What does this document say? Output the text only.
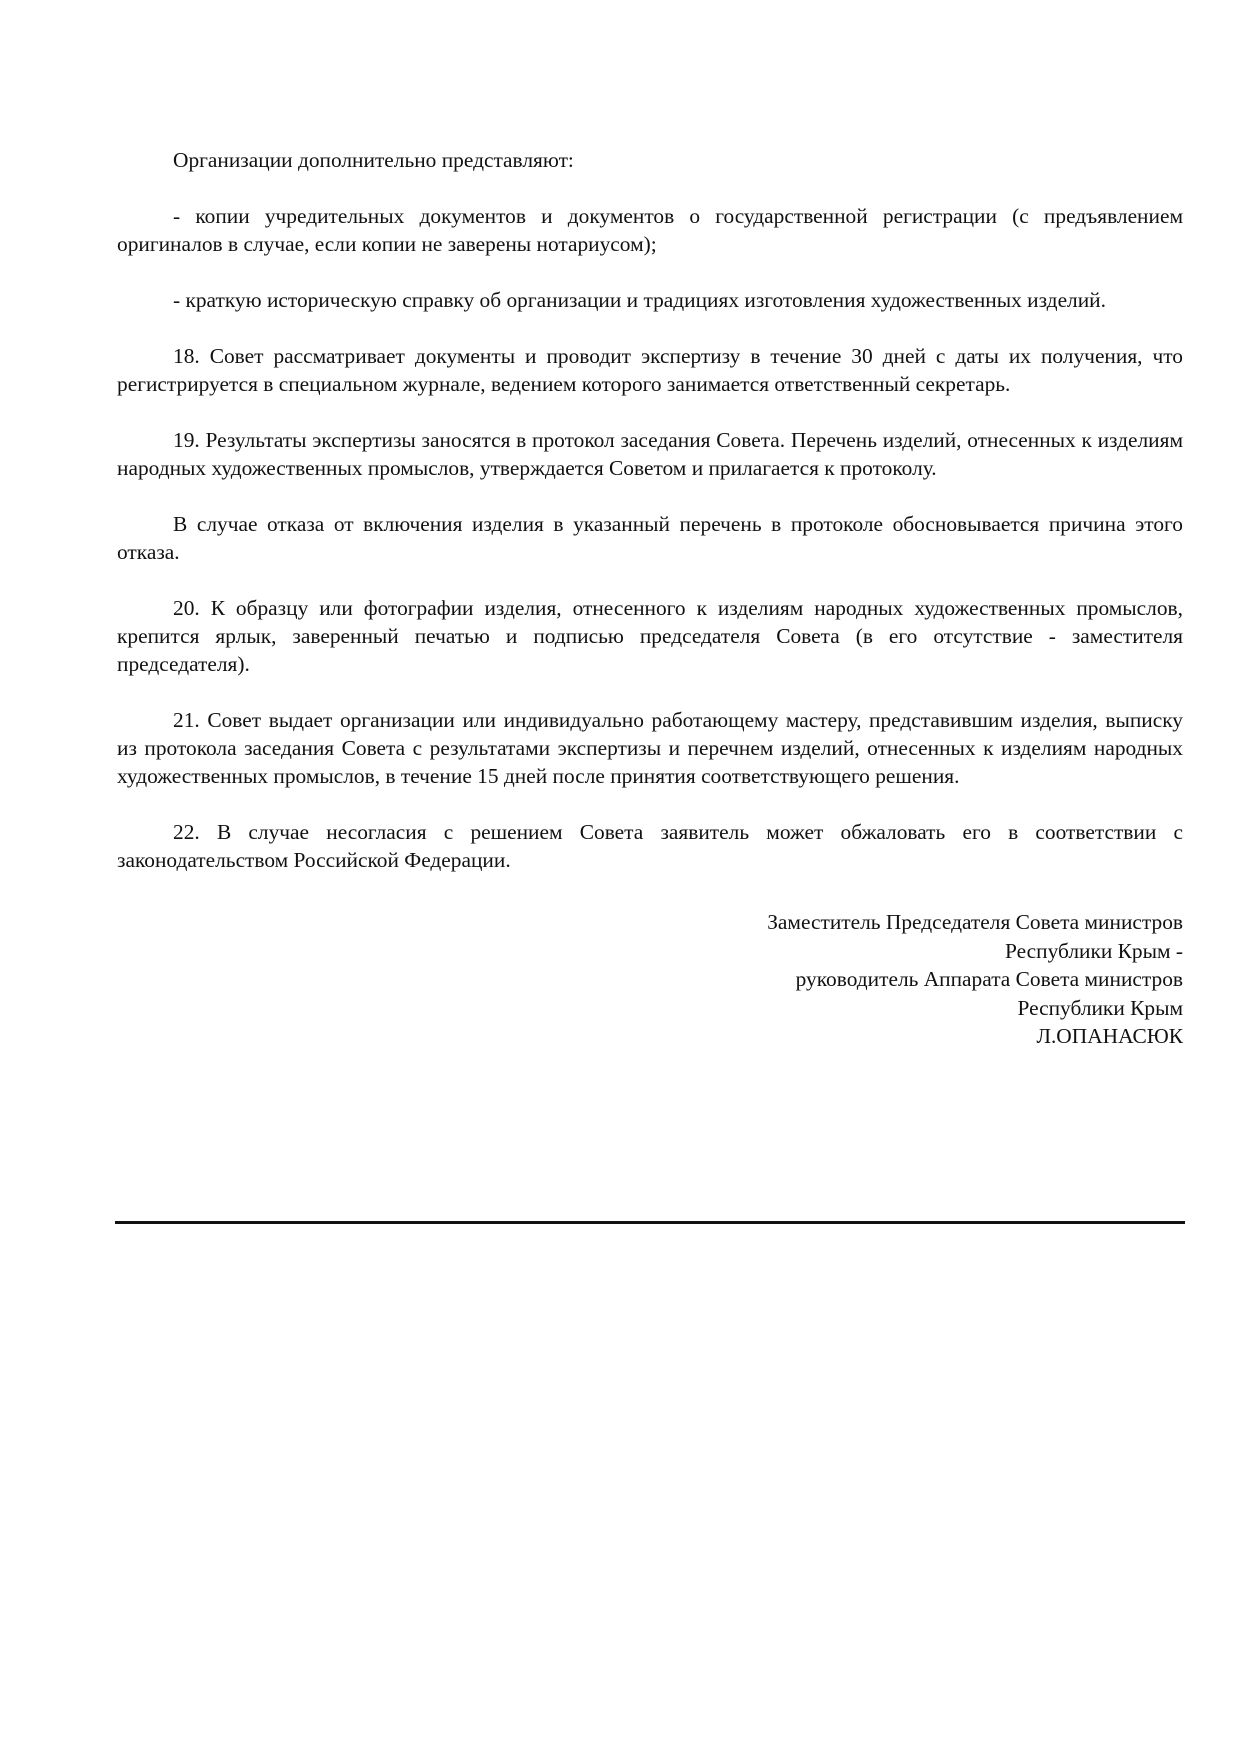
Организации дополнительно представляют:

- копии учредительных документов и документов о государственной регистрации (с предъявлением оригиналов в случае, если копии не заверены нотариусом);

- краткую историческую справку об организации и традициях изготовления художественных изделий.

18. Совет рассматривает документы и проводит экспертизу в течение 30 дней с даты их получения, что регистрируется в специальном журнале, ведением которого занимается ответственный секретарь.

19. Результаты экспертизы заносятся в протокол заседания Совета. Перечень изделий, отнесенных к изделиям народных художественных промыслов, утверждается Советом и прилагается к протоколу.

В случае отказа от включения изделия в указанный перечень в протоколе обосновывается причина этого отказа.

20. К образцу или фотографии изделия, отнесенного к изделиям народных художественных промыслов, крепится ярлык, заверенный печатью и подписью председателя Совета (в его отсутствие - заместителя председателя).

21. Совет выдает организации или индивидуально работающему мастеру, представившим изделия, выписку из протокола заседания Совета с результатами экспертизы и перечнем изделий, отнесенных к изделиям народных художественных промыслов, в течение 15 дней после принятия соответствующего решения.

22. В случае несогласия с решением Совета заявитель может обжаловать его в соответствии с законодательством Российской Федерации.

Заместитель Председателя Совета министров
Республики Крым -
руководитель Аппарата Совета министров
Республики Крым
Л.ОПАНАСЮК
